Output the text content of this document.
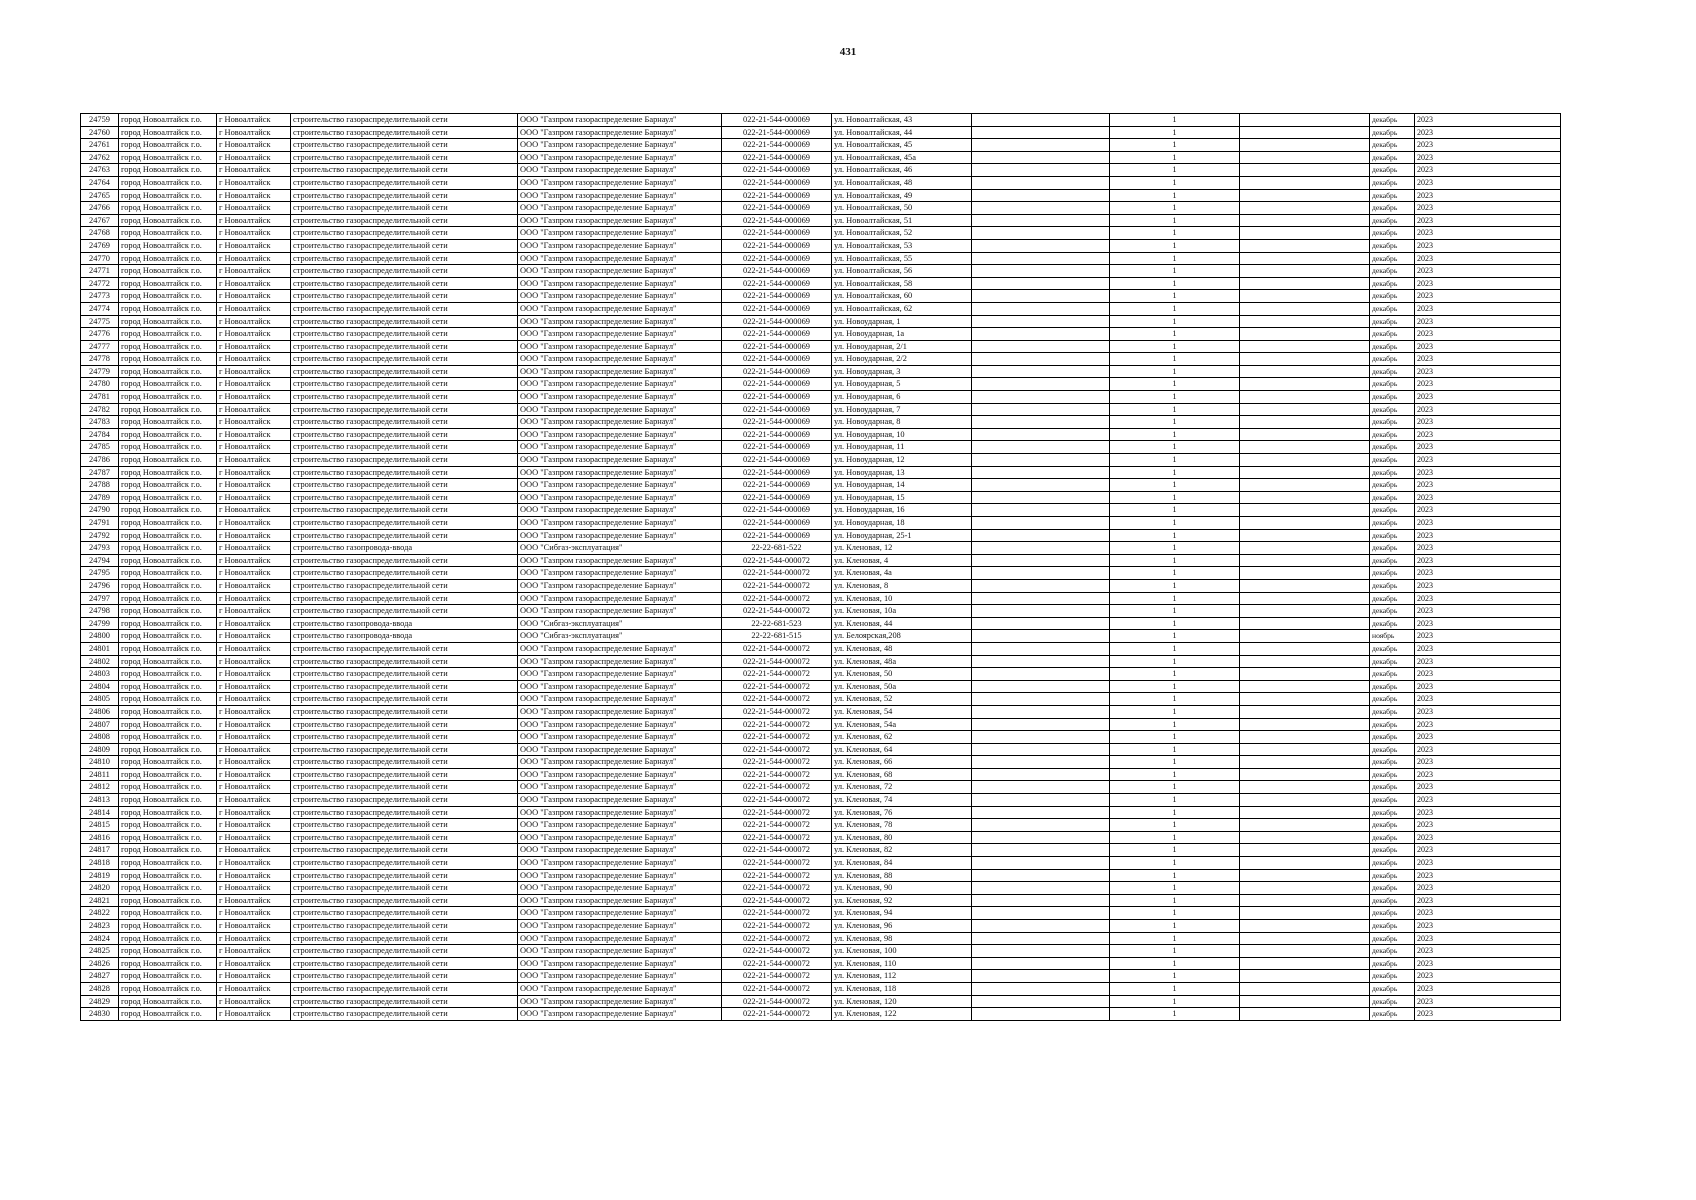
431
24759	город Новоалтайск г.о.	г Новоалтайск	строительство газораспределительной сети	ООО "Газпром газораспределение Барнаул"	022-21-544-000069	ул. Новоалтайская, 43		1		декабрь	2023
24760	город Новоалтайск г.о.	г Новоалтайск	строительство газораспределительной сети	ООО "Газпром газораспределение Барнаул"	022-21-544-000069	ул. Новоалтайская, 44		1		декабрь	2023
24761	город Новоалтайск г.о.	г Новоалтайск	строительство газораспределительной сети	ООО "Газпром газораспределение Барнаул"	022-21-544-000069	ул. Новоалтайская, 45		1		декабрь	2023
24762	город Новоалтайск г.о.	г Новоалтайск	строительство газораспределительной сети	ООО "Газпром газораспределение Барнаул"	022-21-544-000069	ул. Новоалтайская, 45а		1		декабрь	2023
24763	город Новоалтайск г.о.	г Новоалтайск	строительство газораспределительной сети	ООО "Газпром газораспределение Барнаул"	022-21-544-000069	ул. Новоалтайская, 46		1		декабрь	2023
24764	город Новоалтайск г.о.	г Новоалтайск	строительство газораспределительной сети	ООО "Газпром газораспределение Барнаул"	022-21-544-000069	ул. Новоалтайская, 48		1		декабрь	2023
24765	город Новоалтайск г.о.	г Новоалтайск	строительство газораспределительной сети	ООО "Газпром газораспределение Барнаул"	022-21-544-000069	ул. Новоалтайская, 49		1		декабрь	2023
24766	город Новоалтайск г.о.	г Новоалтайск	строительство газораспределительной сети	ООО "Газпром газораспределение Барнаул"	022-21-544-000069	ул. Новоалтайская, 50		1		декабрь	2023
24767	город Новоалтайск г.о.	г Новоалтайск	строительство газораспределительной сети	ООО "Газпром газораспределение Барнаул"	022-21-544-000069	ул. Новоалтайская, 51		1		декабрь	2023
24768	город Новоалтайск г.о.	г Новоалтайск	строительство газораспределительной сети	ООО "Газпром газораспределение Барнаул"	022-21-544-000069	ул. Новоалтайская, 52		1		декабрь	2023
24769	город Новоалтайск г.о.	г Новоалтайск	строительство газораспределительной сети	ООО "Газпром газораспределение Барнаул"	022-21-544-000069	ул. Новоалтайская, 53		1		декабрь	2023
24770	город Новоалтайск г.о.	г Новоалтайск	строительство газораспределительной сети	ООО "Газпром газораспределение Барнаул"	022-21-544-000069	ул. Новоалтайская, 55		1		декабрь	2023
24771	город Новоалтайск г.о.	г Новоалтайск	строительство газораспределительной сети	ООО "Газпром газораспределение Барнаул"	022-21-544-000069	ул. Новоалтайская, 56		1		декабрь	2023
24772	город Новоалтайск г.о.	г Новоалтайск	строительство газораспределительной сети	ООО "Газпром газораспределение Барнаул"	022-21-544-000069	ул. Новоалтайская, 58		1		декабрь	2023
24773	город Новоалтайск г.о.	г Новоалтайск	строительство газораспределительной сети	ООО "Газпром газораспределение Барнаул"	022-21-544-000069	ул. Новоалтайская, 60		1		декабрь	2023
24774	город Новоалтайск г.о.	г Новоалтайск	строительство газораспределительной сети	ООО "Газпром газораспределение Барнаул"	022-21-544-000069	ул. Новоалтайская, 62		1		декабрь	2023
24775	город Новоалтайск г.о.	г Новоалтайск	строительство газораспределительной сети	ООО "Газпром газораспределение Барнаул"	022-21-544-000069	ул. Новоударная, 1		1		декабрь	2023
24776	город Новоалтайск г.о.	г Новоалтайск	строительство газораспределительной сети	ООО "Газпром газораспределение Барнаул"	022-21-544-000069	ул. Новоударная, 1а		1		декабрь	2023
24777	город Новоалтайск г.о.	г Новоалтайск	строительство газораспределительной сети	ООО "Газпром газораспределение Барнаул"	022-21-544-000069	ул. Новоударная, 2/1		1		декабрь	2023
24778	город Новоалтайск г.о.	г Новоалтайск	строительство газораспределительной сети	ООО "Газпром газораспределение Барнаул"	022-21-544-000069	ул. Новоударная, 2/2		1		декабрь	2023
24779	город Новоалтайск г.о.	г Новоалтайск	строительство газораспределительной сети	ООО "Газпром газораспределение Барнаул"	022-21-544-000069	ул. Новоударная, 3		1		декабрь	2023
24780	город Новоалтайск г.о.	г Новоалтайск	строительство газораспределительной сети	ООО "Газпром газораспределение Барнаул"	022-21-544-000069	ул. Новоударная, 5		1		декабрь	2023
24781	город Новоалтайск г.о.	г Новоалтайск	строительство газораспределительной сети	ООО "Газпром газораспределение Барнаул"	022-21-544-000069	ул. Новоударная, 6		1		декабрь	2023
24782	город Новоалтайск г.о.	г Новоалтайск	строительство газораспределительной сети	ООО "Газпром газораспределение Барнаул"	022-21-544-000069	ул. Новоударная, 7		1		декабрь	2023
24783	город Новоалтайск г.о.	г Новоалтайск	строительство газораспределительной сети	ООО "Газпром газораспределение Барнаул"	022-21-544-000069	ул. Новоударная, 8		1		декабрь	2023
24784	город Новоалтайск г.о.	г Новоалтайск	строительство газораспределительной сети	ООО "Газпром газораспределение Барнаул"	022-21-544-000069	ул. Новоударная, 10		1		декабрь	2023
24785	город Новоалтайск г.о.	г Новоалтайск	строительство газораспределительной сети	ООО "Газпром газораспределение Барнаул"	022-21-544-000069	ул. Новоударная, 11		1		декабрь	2023
24786	город Новоалтайск г.о.	г Новоалтайск	строительство газораспределительной сети	ООО "Газпром газораспределение Барнаул"	022-21-544-000069	ул. Новоударная, 12		1		декабрь	2023
24787	город Новоалтайск г.о.	г Новоалтайск	строительство газораспределительной сети	ООО "Газпром газораспределение Барнаул"	022-21-544-000069	ул. Новоударная, 13		1		декабрь	2023
24788	город Новоалтайск г.о.	г Новоалтайск	строительство газораспределительной сети	ООО "Газпром газораспределение Барнаул"	022-21-544-000069	ул. Новоударная, 14		1		декабрь	2023
24789	город Новоалтайск г.о.	г Новоалтайск	строительство газораспределительной сети	ООО "Газпром газораспределение Барнаул"	022-21-544-000069	ул. Новоударная, 15		1		декабрь	2023
24790	город Новоалтайск г.о.	г Новоалтайск	строительство газораспределительной сети	ООО "Газпром газораспределение Барнаул"	022-21-544-000069	ул. Новоударная, 16		1		декабрь	2023
24791	город Новоалтайск г.о.	г Новоалтайск	строительство газораспределительной сети	ООО "Газпром газораспределение Барнаул"	022-21-544-000069	ул. Новоударная, 18		1		декабрь	2023
24792	город Новоалтайск г.о.	г Новоалтайск	строительство газораспределительной сети	ООО "Газпром газораспределение Барнаул"	022-21-544-000069	ул. Новоударная, 25-1		1		декабрь	2023
24793	город Новоалтайск г.о.	г Новоалтайск	строительство газопровода-ввода	ООО "Сибгаз-эксплуатация"	22-22-681-522	ул. Кленовая, 12		1		декабрь	2023
24794	город Новоалтайск г.о.	г Новоалтайск	строительство газораспределительной сети	ООО "Газпром газораспределение Барнаул"	022-21-544-000072	ул. Кленовая, 4		1		декабрь	2023
24795	город Новоалтайск г.о.	г Новоалтайск	строительство газораспределительной сети	ООО "Газпром газораспределение Барнаул"	022-21-544-000072	ул. Кленовая, 4а		1		декабрь	2023
24796	город Новоалтайск г.о.	г Новоалтайск	строительство газораспределительной сети	ООО "Газпром газораспределение Барнаул"	022-21-544-000072	ул. Кленовая, 8		1		декабрь	2023
24797	город Новоалтайск г.о.	г Новоалтайск	строительство газораспределительной сети	ООО "Газпром газораспределение Барнаул"	022-21-544-000072	ул. Кленовая, 10		1		декабрь	2023
24798	город Новоалтайск г.о.	г Новоалтайск	строительство газораспределительной сети	ООО "Газпром газораспределение Барнаул"	022-21-544-000072	ул. Кленовая, 10а		1		декабрь	2023
24799	город Новоалтайск г.о.	г Новоалтайск	строительство газопровода-ввода	ООО "Сибгаз-эксплуатация"	22-22-681-523	ул. Кленовая, 44		1		декабрь	2023
24800	город Новоалтайск г.о.	г Новоалтайск	строительство газопровода-ввода	ООО "Сибгаз-эксплуатация"	22-22-681-515	ул. Белоярская,208		1		ноябрь	2023
24801	город Новоалтайск г.о.	г Новоалтайск	строительство газораспределительной сети	ООО "Газпром газораспределение Барнаул"	022-21-544-000072	ул. Кленовая, 48		1		декабрь	2023
24802	город Новоалтайск г.о.	г Новоалтайск	строительство газораспределительной сети	ООО "Газпром газораспределение Барнаул"	022-21-544-000072	ул. Кленовая, 48а		1		декабрь	2023
24803	город Новоалтайск г.о.	г Новоалтайск	строительство газораспределительной сети	ООО "Газпром газораспределение Барнаул"	022-21-544-000072	ул. Кленовая, 50		1		декабрь	2023
24804	город Новоалтайск г.о.	г Новоалтайск	строительство газораспределительной сети	ООО "Газпром газораспределение Барнаул"	022-21-544-000072	ул. Кленовая, 50а		1		декабрь	2023
24805	город Новоалтайск г.о.	г Новоалтайск	строительство газораспределительной сети	ООО "Газпром газораспределение Барнаул"	022-21-544-000072	ул. Кленовая, 52		1		декабрь	2023
24806	город Новоалтайск г.о.	г Новоалтайск	строительство газораспределительной сети	ООО "Газпром газораспределение Барнаул"	022-21-544-000072	ул. Кленовая, 54		1		декабрь	2023
24807	город Новоалтайск г.о.	г Новоалтайск	строительство газораспределительной сети	ООО "Газпром газораспределение Барнаул"	022-21-544-000072	ул. Кленовая, 54а		1		декабрь	2023
24808	город Новоалтайск г.о.	г Новоалтайск	строительство газораспределительной сети	ООО "Газпром газораспределение Барнаул"	022-21-544-000072	ул. Кленовая, 62		1		декабрь	2023
24809	город Новоалтайск г.о.	г Новоалтайск	строительство газораспределительной сети	ООО "Газпром газораспределение Барнаул"	022-21-544-000072	ул. Кленовая, 64		1		декабрь	2023
24810	город Новоалтайск г.о.	г Новоалтайск	строительство газораспределительной сети	ООО "Газпром газораспределение Барнаул"	022-21-544-000072	ул. Кленовая, 66		1		декабрь	2023
24811	город Новоалтайск г.о.	г Новоалтайск	строительство газораспределительной сети	ООО "Газпром газораспределение Барнаул"	022-21-544-000072	ул. Кленовая, 68		1		декабрь	2023
24812	город Новоалтайск г.о.	г Новоалтайск	строительство газораспределительной сети	ООО "Газпром газораспределение Барнаул"	022-21-544-000072	ул. Кленовая, 72		1		декабрь	2023
24813	город Новоалтайск г.о.	г Новоалтайск	строительство газораспределительной сети	ООО "Газпром газораспределение Барнаул"	022-21-544-000072	ул. Кленовая, 74		1		декабрь	2023
24814	город Новоалтайск г.о.	г Новоалтайск	строительство газораспределительной сети	ООО "Газпром газораспределение Барнаул"	022-21-544-000072	ул. Кленовая, 76		1		декабрь	2023
24815	город Новоалтайск г.о.	г Новоалтайск	строительство газораспределительной сети	ООО "Газпром газораспределение Барнаул"	022-21-544-000072	ул. Кленовая, 78		1		декабрь	2023
24816	город Новоалтайск г.о.	г Новоалтайск	строительство газораспределительной сети	ООО "Газпром газораспределение Барнаул"	022-21-544-000072	ул. Кленовая, 80		1		декабрь	2023
24817	город Новоалтайск г.о.	г Новоалтайск	строительство газораспределительной сети	ООО "Газпром газораспределение Барнаул"	022-21-544-000072	ул. Кленовая, 82		1		декабрь	2023
24818	город Новоалтайск г.о.	г Новоалтайск	строительство газораспределительной сети	ООО "Газпром газораспределение Барнаул"	022-21-544-000072	ул. Кленовая, 84		1		декабрь	2023
24819	город Новоалтайск г.о.	г Новоалтайск	строительство газораспределительной сети	ООО "Газпром газораспределение Барнаул"	022-21-544-000072	ул. Кленовая, 88		1		декабрь	2023
24820	город Новоалтайск г.о.	г Новоалтайск	строительство газораспределительной сети	ООО "Газпром газораспределение Барнаул"	022-21-544-000072	ул. Кленовая, 90		1		декабрь	2023
24821	город Новоалтайск г.о.	г Новоалтайск	строительство газораспределительной сети	ООО "Газпром газораспределение Барнаул"	022-21-544-000072	ул. Кленовая, 92		1		декабрь	2023
24822	город Новоалтайск г.о.	г Новоалтайск	строительство газораспределительной сети	ООО "Газпром газораспределение Барнаул"	022-21-544-000072	ул. Кленовая, 94		1		декабрь	2023
24823	город Новоалтайск г.о.	г Новоалтайск	строительство газораспределительной сети	ООО "Газпром газораспределение Барнаул"	022-21-544-000072	ул. Кленовая, 96		1		декабрь	2023
24824	город Новоалтайск г.о.	г Новоалтайск	строительство газораспределительной сети	ООО "Газпром газораспределение Барнаул"	022-21-544-000072	ул. Кленовая, 98		1		декабрь	2023
24825	город Новоалтайск г.о.	г Новоалтайск	строительство газораспределительной сети	ООО "Газпром газораспределение Барнаул"	022-21-544-000072	ул. Кленовая, 100		1		декабрь	2023
24826	город Новоалтайск г.о.	г Новоалтайск	строительство газораспределительной сети	ООО "Газпром газораспределение Барнаул"	022-21-544-000072	ул. Кленовая, 110		1		декабрь	2023
24827	город Новоалтайск г.о.	г Новоалтайск	строительство газораспределительной сети	ООО "Газпром газораспределение Барнаул"	022-21-544-000072	ул. Кленовая, 112		1		декабрь	2023
24828	город Новоалтайск г.о.	г Новоалтайск	строительство газораспределительной сети	ООО "Газпром газораспределение Барнаул"	022-21-544-000072	ул. Кленовая, 118		1		декабрь	2023
24829	город Новоалтайск г.о.	г Новоалтайск	строительство газораспределительной сети	ООО "Газпром газораспределение Барнаул"	022-21-544-000072	ул. Кленовая, 120		1		декабрь	2023
24830	город Новоалтайск г.о.	г Новоалтайск	строительство газораспределительной сети	ООО "Газпром газораспределение Барнаул"	022-21-544-000072	ул. Кленовая, 122		1		декабрь	2023
